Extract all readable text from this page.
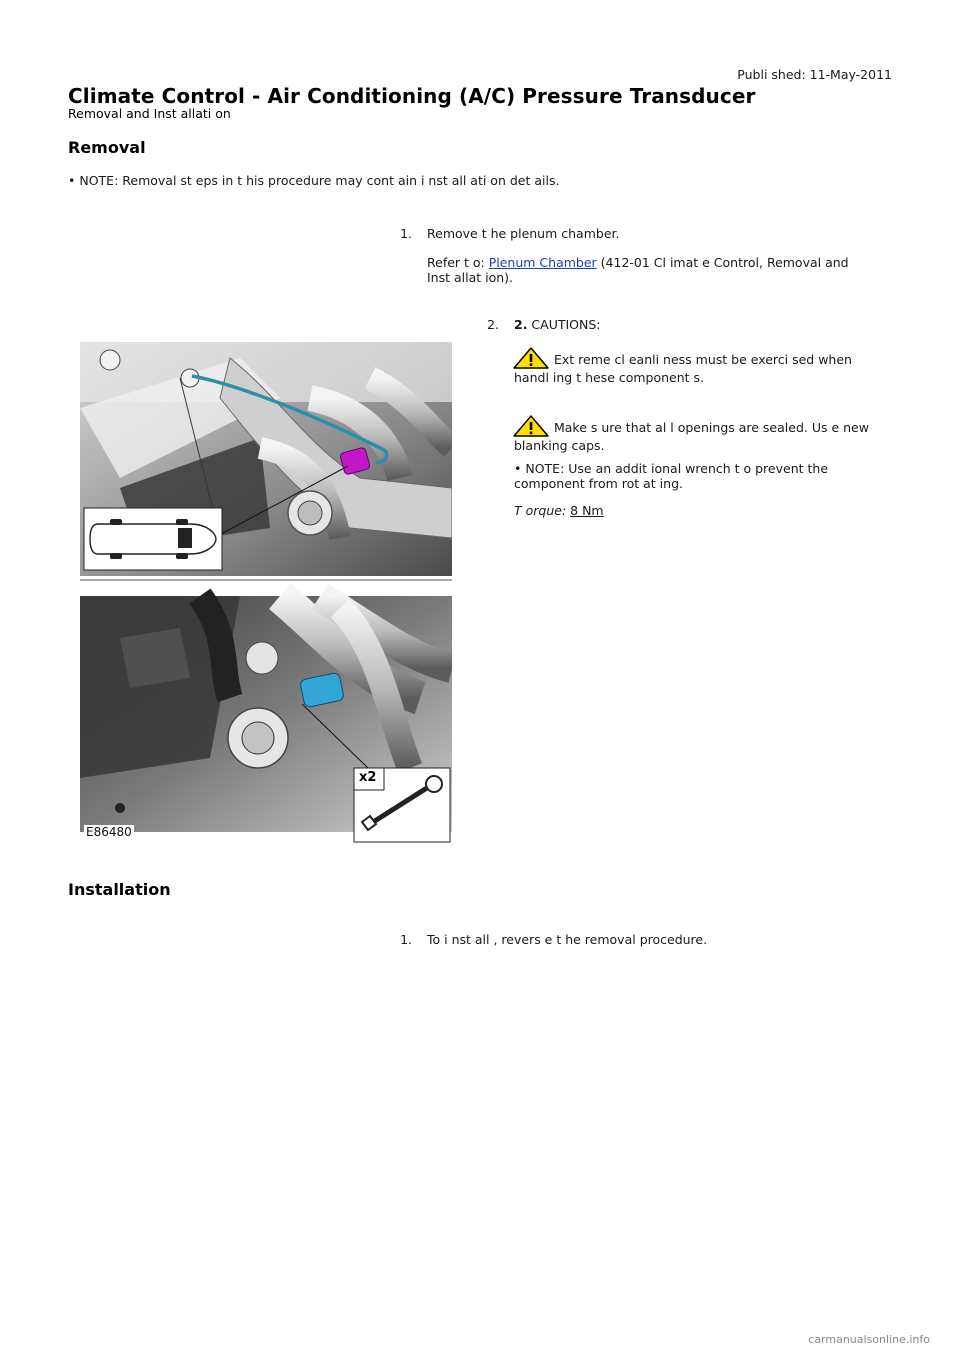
Publi shed: 11-May-2011
Climate Control - Air Conditioning (A/C) Pressure Transducer
Removal and Inst allati on
Removal
• NOTE: Removal st eps in t his procedure may cont ain i nst all ati on det ails.
1. Remove t he plenum chamber.
Refer t o: Plenum Chamber (412-01 Cl imat e Control, Removal and
Inst allat ion).
2. 2. CAUTIONS:
Ext reme cl eanli ness must be exerci sed when
handl ing t hese component s.
Make s ure that al l openings are sealed. Us e new
blanking caps.
• NOTE: Use an addit ional wrench t o prevent the
component from rot at ing.
T orque: 8 Nm
x2
E86480
Installation
1. To i nst all , revers e t he removal procedure.
carmanualsonline.info
